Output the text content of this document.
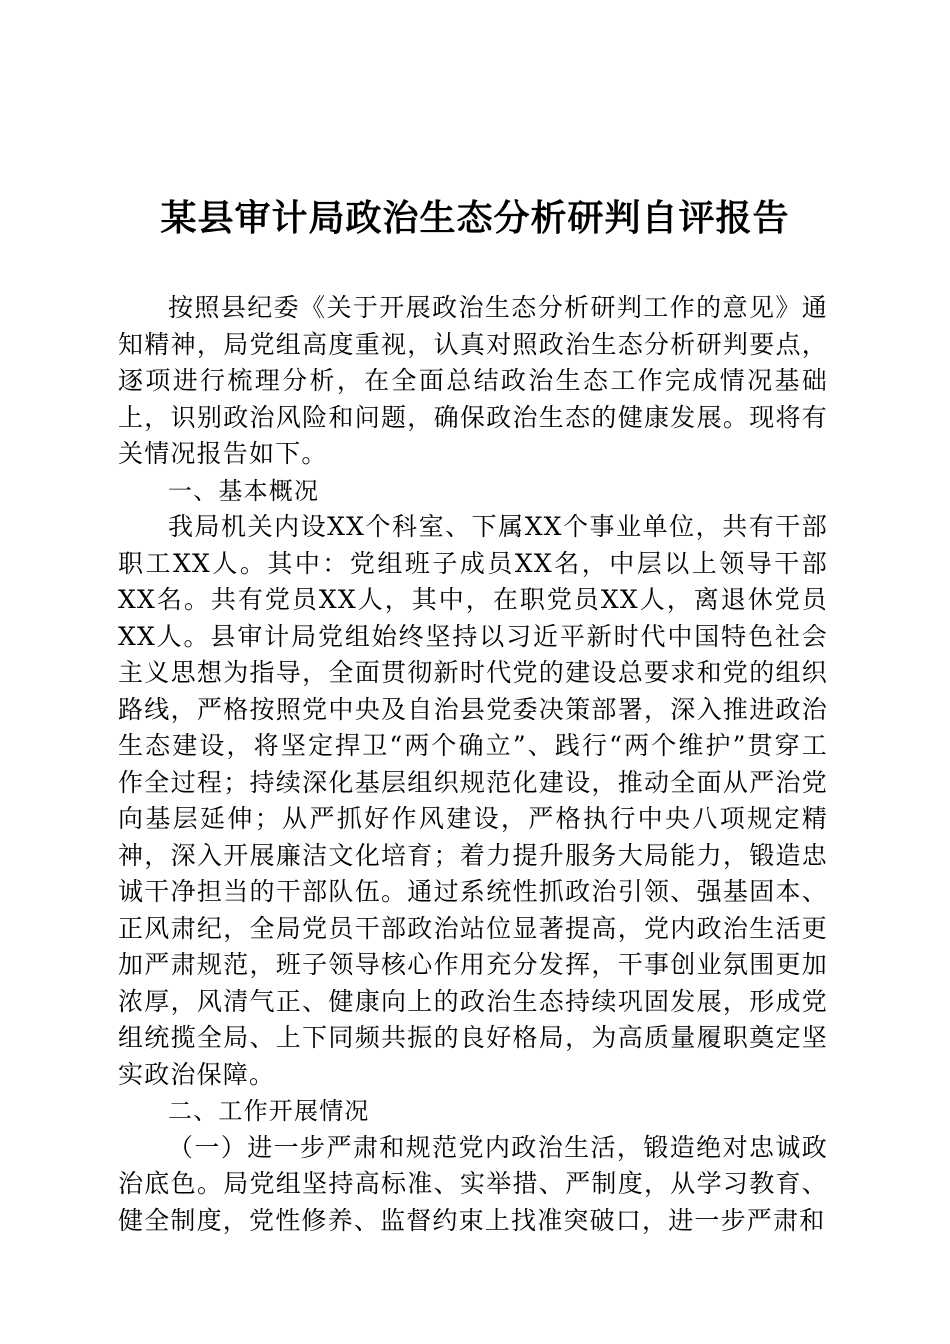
某县审计局政治生态分析研判自评报告

按照县纪委《关于开展政治生态分析研判工作的意见》通知精神，局党组高度重视，认真对照政治生态分析研判要点，逐项进行梳理分析，在全面总结政治生态工作完成情况基础上，识别政治风险和问题，确保政治生态的健康发展。现将有关情况报告如下。

一、基本概况

我局机关内设XX个科室、下属XX个事业单位，共有干部职工XX人。其中：党组班子成员XX名，中层以上领导干部XX名。共有党员XX人，其中，在职党员XX人，离退休党员XX人。县审计局党组始终坚持以习近平新时代中国特色社会主义思想为指导，全面贯彻新时代党的建设总要求和党的组织路线，严格按照党中央及自治县党委决策部署，深入推进政治生态建设，将坚定捍卫“两个确立”、践行“两个维护”贯穿工作全过程；持续深化基层组织规范化建设，推动全面从严治党向基层延伸；从严抓好作风建设，严格执行中央八项规定精神，深入开展廉洁文化培育；着力提升服务大局能力，锻造忠诚干净担当的干部队伍。通过系统性抓政治引领、强基固本、正风肃纪，全局党员干部政治站位显著提高，党内政治生活更加严肃规范，班子领导核心作用充分发挥，干事创业氛围更加浓厚，风清气正、健康向上的政治生态持续巩固发展，形成党组统揽全局、上下同频共振的良好格局，为高质量履职奠定坚实政治保障。

二、工作开展情况

（一）进一步严肃和规范党内政治生活，锻造绝对忠诚政治底色。局党组坚持高标准、实举措、严制度，从学习教育、健全制度，党性修养、监督约束上找准突破口，进一步严肃和
